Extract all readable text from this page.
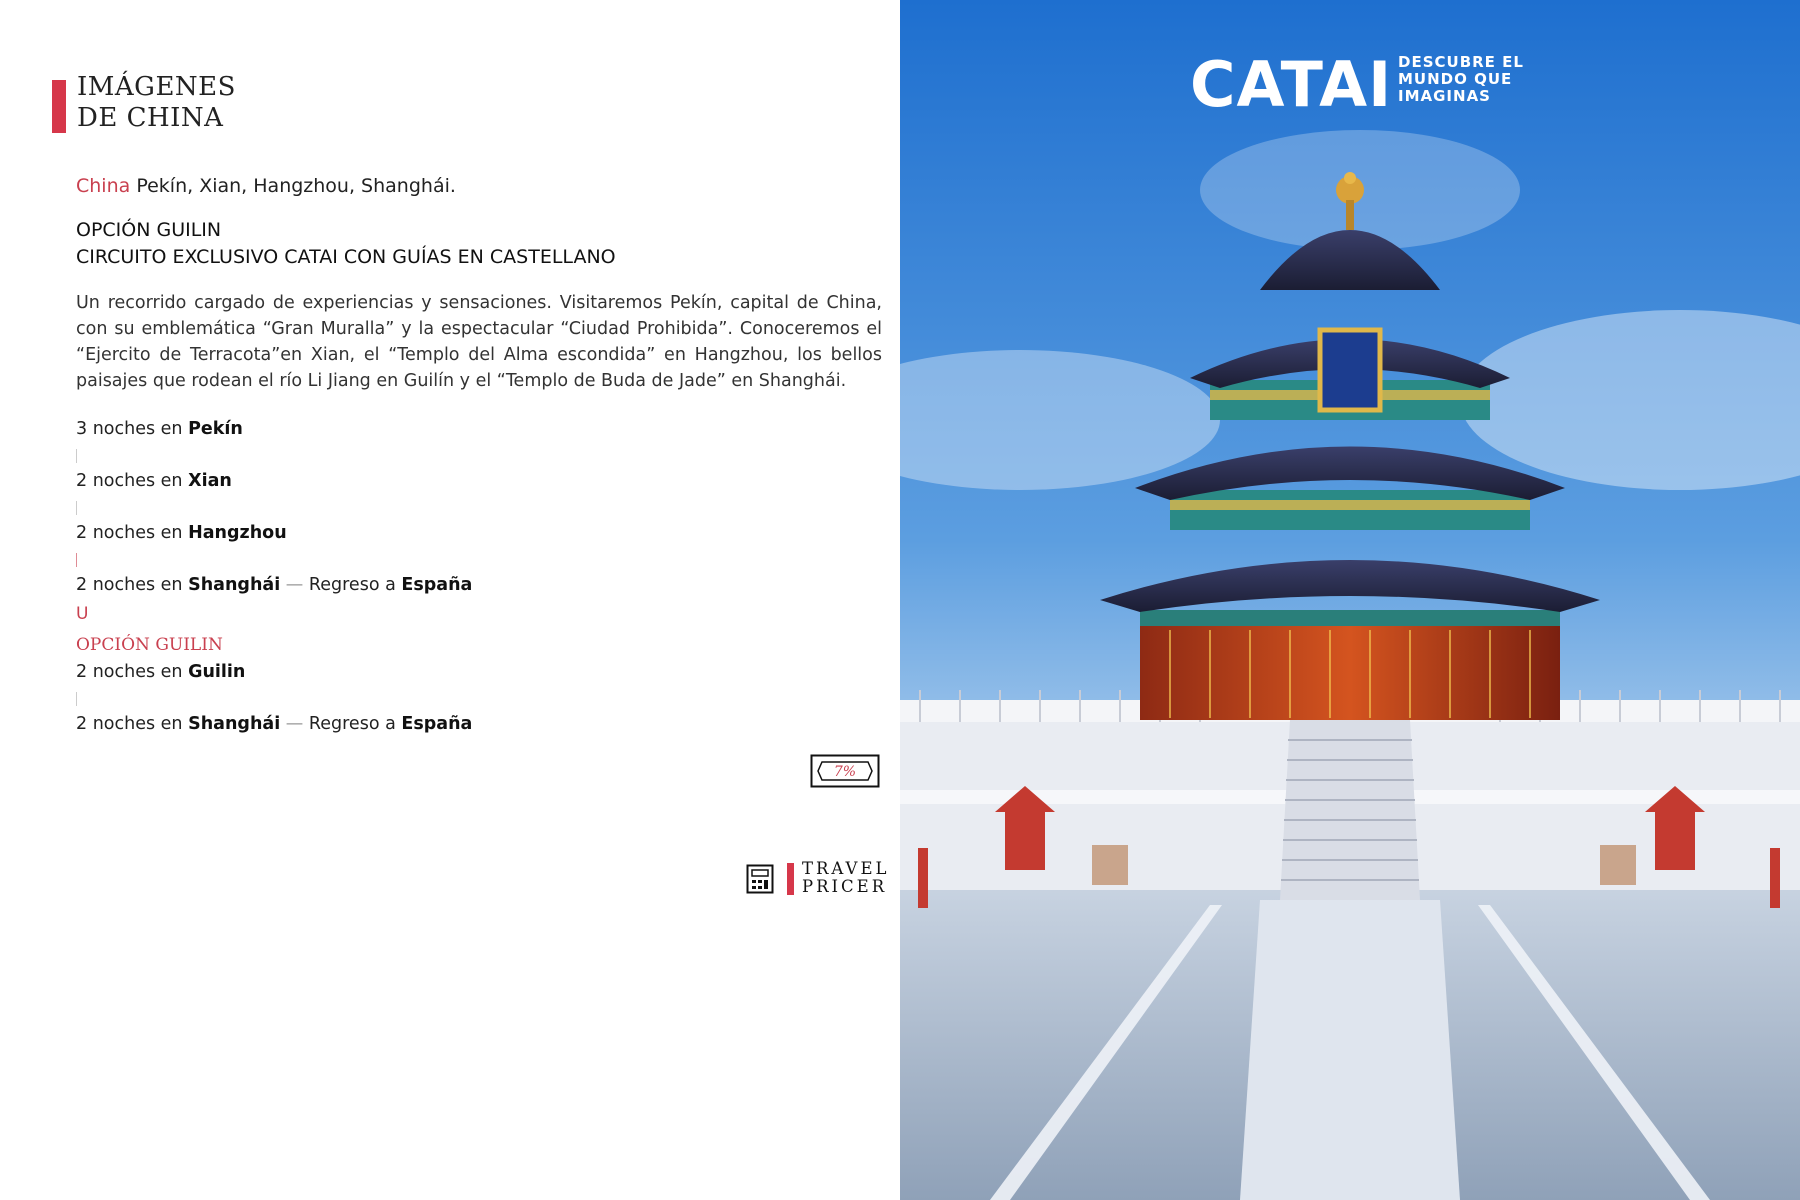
IMÁGENES
DE CHINA
China Pekín, Xian, Hangzhou, Shanghái.
OPCIÓN GUILIN
CIRCUITO EXCLUSIVO CATAI CON GUÍAS EN CASTELLANO
Un recorrido cargado de experiencias y sensaciones. Visitaremos Pekín, capital de China, con su emblemática “Gran Muralla” y la espectacular “Ciudad Prohibida”. Conoceremos el “Ejercito de Terracota”en Xian, el “Templo del Alma escondida” en Hangzhou, los bellos paisajes que rodean el río Li Jiang en Guilín y el “Templo de Buda de Jade” en Shanghái.
3 noches en Pekín
2 noches en Xian
2 noches en Hangzhou
2 noches en Shanghái — Regreso a España
U
OPCIÓN GUILIN
2 noches en Guilin
2 noches en Shanghái — Regreso a España
7%
TRAVEL
PRICER
CATAI DESCUBRE EL
MUNDO QUE
IMAGINAS
